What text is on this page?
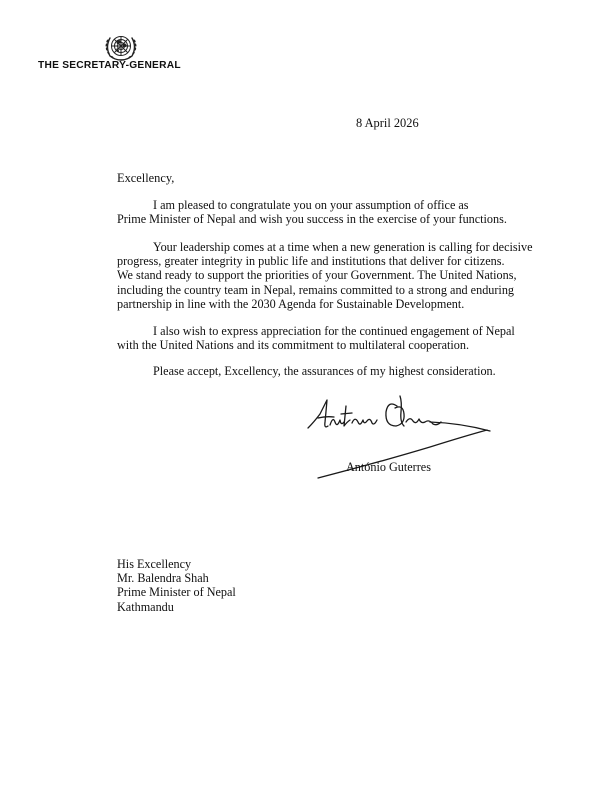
THE SECRETARY-GENERAL
8 April 2026
Excellency,
I am pleased to congratulate you on your assumption of office as
Prime Minister of Nepal and wish you success in the exercise of your functions.
Your leadership comes at a time when a new generation is calling for decisive
progress, greater integrity in public life and institutions that deliver for citizens.
We stand ready to support the priorities of your Government. The United Nations,
including the country team in Nepal, remains committed to a strong and enduring
partnership in line with the 2030 Agenda for Sustainable Development.
I also wish to express appreciation for the continued engagement of Nepal
with the United Nations and its commitment to multilateral cooperation.
Please accept, Excellency, the assurances of my highest consideration.
António Guterres
His Excellency
Mr. Balendra Shah
Prime Minister of Nepal
Kathmandu
